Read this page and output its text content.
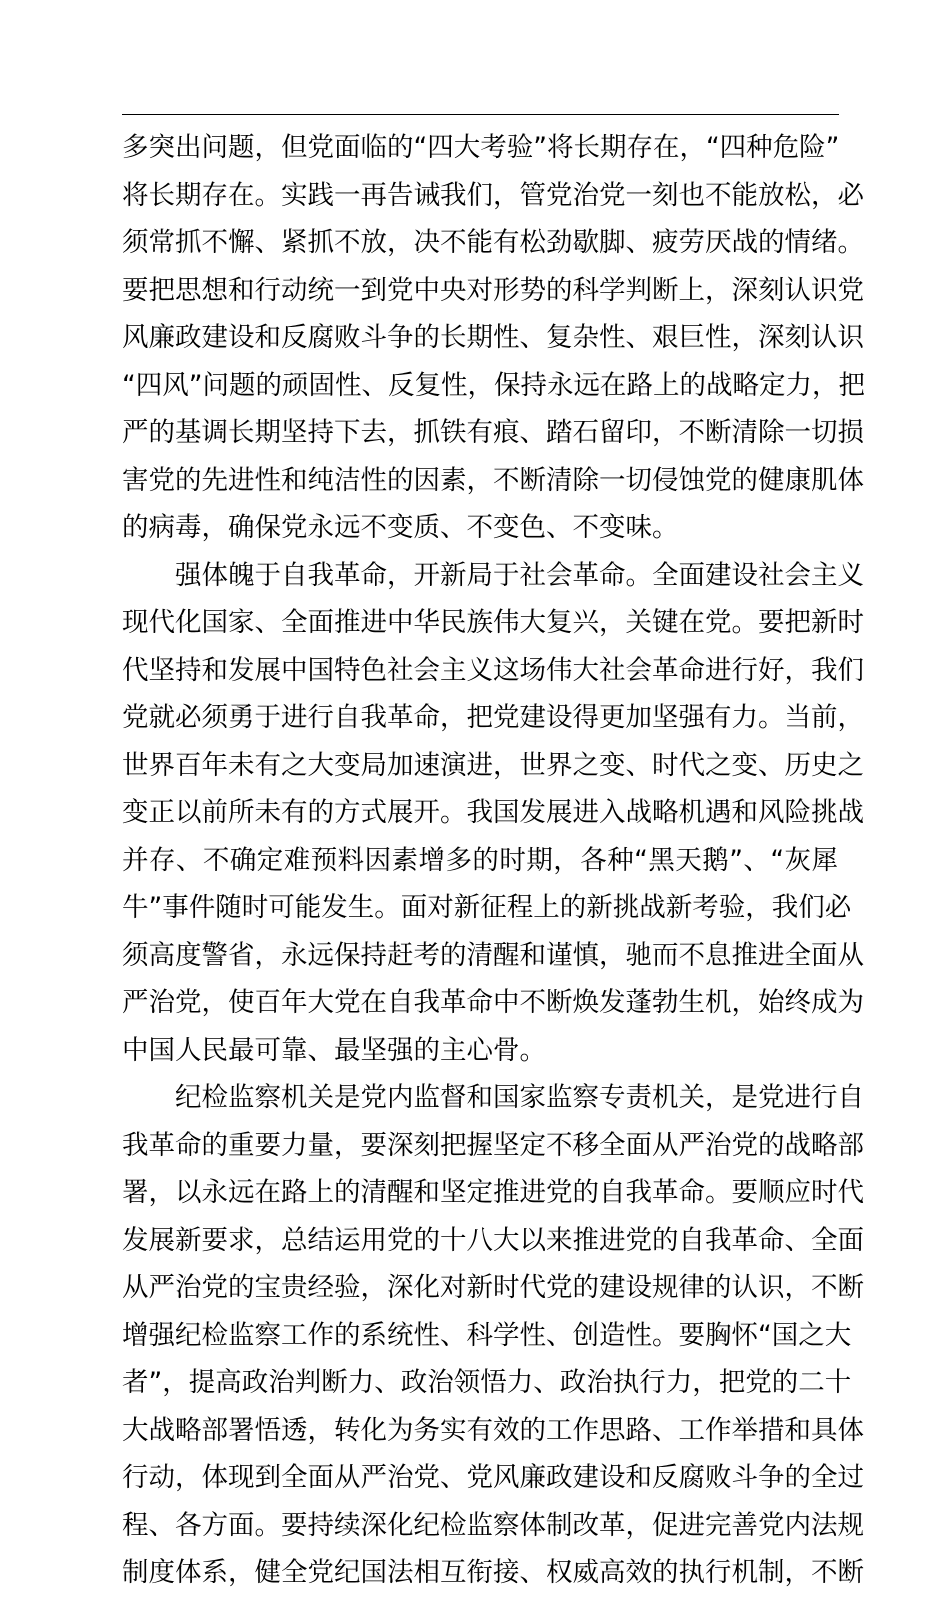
多突出问题，但党面临的“四大考验”将长期存在，“四种危险”
将长期存在。实践一再告诫我们，管党治党一刻也不能放松，必
须常抓不懈、紧抓不放，决不能有松劲歇脚、疲劳厌战的情绪。
要把思想和行动统一到党中央对形势的科学判断上，深刻认识党
风廉政建设和反腐败斗争的长期性、复杂性、艰巨性，深刻认识
“四风”问题的顽固性、反复性，保持永远在路上的战略定力，把
严的基调长期坚持下去，抓铁有痕、踏石留印，不断清除一切损
害党的先进性和纯洁性的因素，不断清除一切侵蚀党的健康肌体
的病毒，确保党永远不变质、不变色、不变味。
强体魄于自我革命，开新局于社会革命。全面建设社会主义
现代化国家、全面推进中华民族伟大复兴，关键在党。要把新时
代坚持和发展中国特色社会主义这场伟大社会革命进行好，我们
党就必须勇于进行自我革命，把党建设得更加坚强有力。当前，
世界百年未有之大变局加速演进，世界之变、时代之变、历史之
变正以前所未有的方式展开。我国发展进入战略机遇和风险挑战
并存、不确定难预料因素增多的时期，各种“黑天鹅”、“灰犀
牛”事件随时可能发生。面对新征程上的新挑战新考验，我们必
须高度警省，永远保持赶考的清醒和谨慎，驰而不息推进全面从
严治党，使百年大党在自我革命中不断焕发蓬勃生机，始终成为
中国人民最可靠、最坚强的主心骨。
纪检监察机关是党内监督和国家监察专责机关，是党进行自
我革命的重要力量，要深刻把握坚定不移全面从严治党的战略部
署，以永远在路上的清醒和坚定推进党的自我革命。要顺应时代
发展新要求，总结运用党的十八大以来推进党的自我革命、全面
从严治党的宝贵经验，深化对新时代党的建设规律的认识，不断
增强纪检监察工作的系统性、科学性、创造性。要胸怀“国之大
者”，提高政治判断力、政治领悟力、政治执行力，把党的二十
大战略部署悟透，转化为务实有效的工作思路、工作举措和具体
行动，体现到全面从严治党、党风廉政建设和反腐败斗争的全过
程、各方面。要持续深化纪检监察体制改革，促进完善党内法规
制度体系，健全党纪国法相互衔接、权威高效的执行机制，不断
